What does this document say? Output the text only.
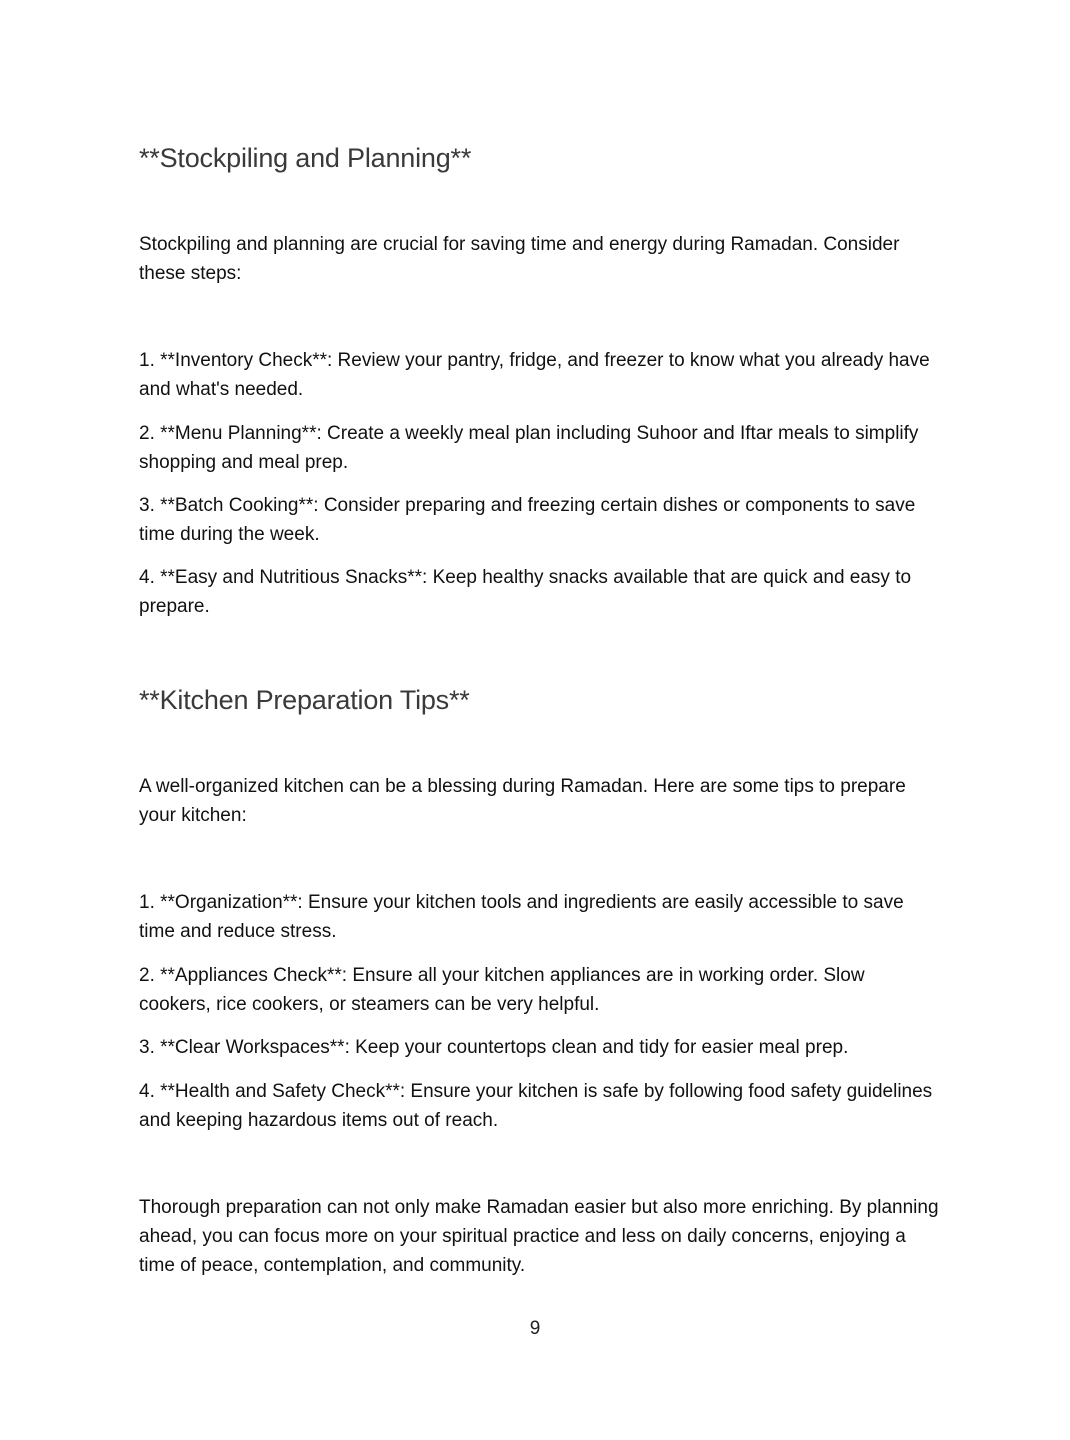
**Stockpiling and Planning**

Stockpiling and planning are crucial for saving time and energy during Ramadan. Consider these steps:

1. **Inventory Check**: Review your pantry, fridge, and freezer to know what you already have and what's needed.

2. **Menu Planning**: Create a weekly meal plan including Suhoor and Iftar meals to simplify shopping and meal prep.

3. **Batch Cooking**: Consider preparing and freezing certain dishes or components to save time during the week.

4. **Easy and Nutritious Snacks**: Keep healthy snacks available that are quick and easy to prepare.

**Kitchen Preparation Tips**

A well-organized kitchen can be a blessing during Ramadan. Here are some tips to prepare your kitchen:

1. **Organization**: Ensure your kitchen tools and ingredients are easily accessible to save time and reduce stress.

2. **Appliances Check**: Ensure all your kitchen appliances are in working order. Slow cookers, rice cookers, or steamers can be very helpful.

3. **Clear Workspaces**: Keep your countertops clean and tidy for easier meal prep.

4. **Health and Safety Check**: Ensure your kitchen is safe by following food safety guidelines and keeping hazardous items out of reach.

Thorough preparation can not only make Ramadan easier but also more enriching. By planning ahead, you can focus more on your spiritual practice and less on daily concerns, enjoying a time of peace, contemplation, and community.

9
